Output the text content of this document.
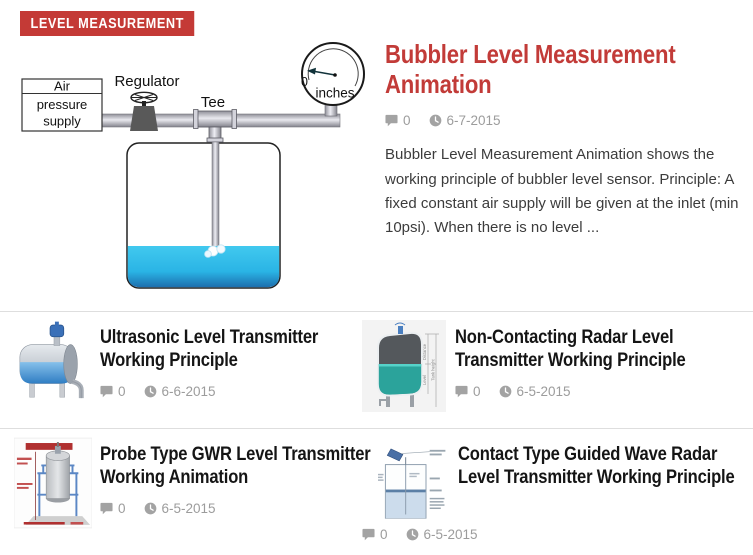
LEVEL MEASUREMENT
Air
pressure
supply
Regulator
Tee
0
inches
Bubbler Level Measurement Animation
0	6-7-2015
Bubbler Level Measurement Animation shows the working principle of bubbler level sensor. Principle: A fixed constant air supply will be given at the inlet (min 10psi). When there is no level ...
Ultrasonic Level Transmitter Working Principle
0	6-6-2015
Distance
Level Tank height
Non-Contacting Radar Level Transmitter Working Principle
0	6-5-2015
Probe Type GWR Level Transmitter Working Animation
0	6-5-2015
Contact Type Guided Wave Radar Level Transmitter Working Principle
0	6-5-2015
